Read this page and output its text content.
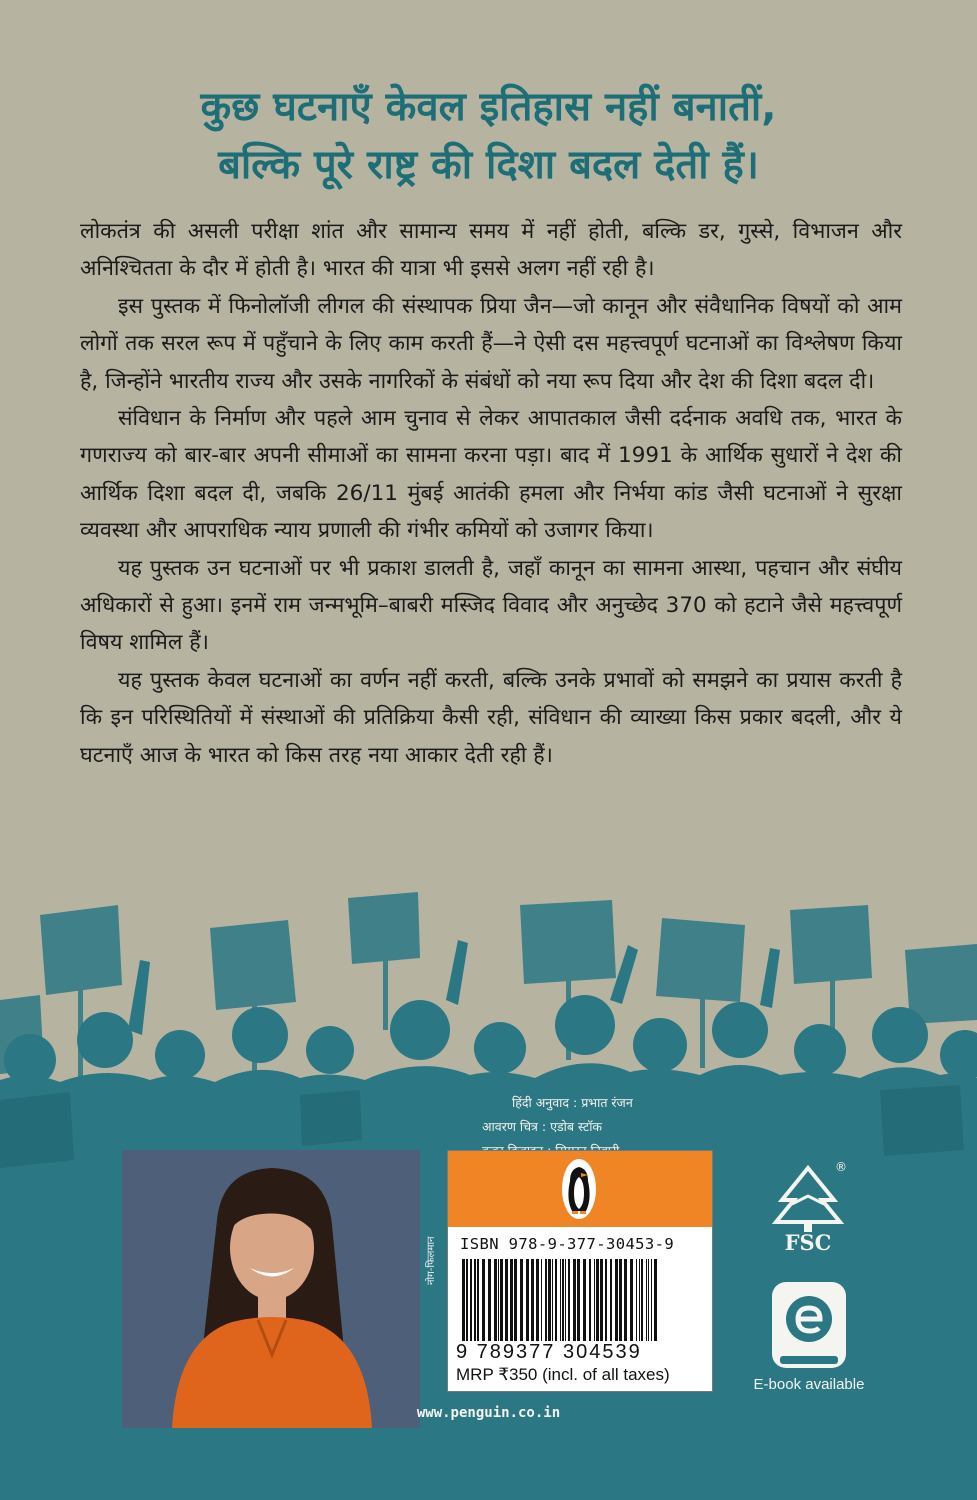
कुछ घटनाएँ केवल इतिहास नहीं बनातीं,
बल्कि पूरे राष्ट्र की दिशा बदल देती हैं।

लोकतंत्र की असली परीक्षा शांत और सामान्य समय में नहीं होती, बल्कि डर, गुस्से, विभाजन और अनिश्चितता के दौर में होती है। भारत की यात्रा भी इससे अलग नहीं रही है।

इस पुस्तक में फिनोलॉजी लीगल की संस्थापक प्रिया जैन—जो कानून और संवैधानिक विषयों को आम लोगों तक सरल रूप में पहुँचाने के लिए काम करती हैं—ने ऐसी दस महत्त्वपूर्ण घटनाओं का विश्लेषण किया है, जिन्होंने भारतीय राज्य और उसके नागरिकों के संबंधों को नया रूप दिया और देश की दिशा बदल दी।

संविधान के निर्माण और पहले आम चुनाव से लेकर आपातकाल जैसी दर्दनाक अवधि तक, भारत के गणराज्य को बार-बार अपनी सीमाओं का सामना करना पड़ा। बाद में 1991 के आर्थिक सुधारों ने देश की आर्थिक दिशा बदल दी, जबकि 26/11 मुंबई आतंकी हमला और निर्भया कांड जैसी घटनाओं ने सुरक्षा व्यवस्था और आपराधिक न्याय प्रणाली की गंभीर कमियों को उजागर किया।

यह पुस्तक उन घटनाओं पर भी प्रकाश डालती है, जहाँ कानून का सामना आस्था, पहचान और संघीय अधिकारों से हुआ। इनमें राम जन्मभूमि–बाबरी मस्जिद विवाद और अनुच्छेद 370 को हटाने जैसे महत्त्वपूर्ण विषय शामिल हैं।

यह पुस्तक केवल घटनाओं का वर्णन नहीं करती, बल्कि उनके प्रभावों को समझने का प्रयास करती है कि इन परिस्थितियों में संस्थाओं की प्रतिक्रिया कैसी रही, संविधान की व्याख्या किस प्रकार बदली, और ये घटनाएँ आज के भारत को किस तरह नया आकार देती रही हैं।

हिंदी अनुवाद : प्रभात रंजन
आवरण चित्र : एडोब स्टॉक
नोग-फिलमान ISBN 978-9-377-30453-9
9 789377 304539
MRP ₹350 (incl. of all taxes)
www.penguin.co.in
FSC
®
E-book available
